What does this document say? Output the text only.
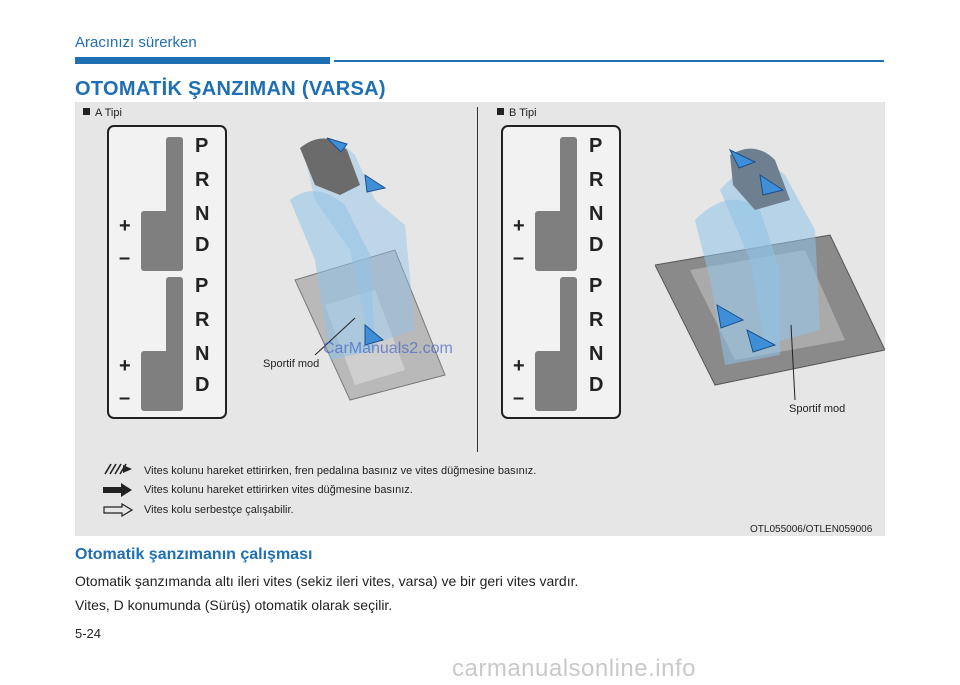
Aracınızı sürerken
OTOMATİK ŞANZIMAN (VARSA)
A Tipi	B Tipi
P
R
N
D
+
–
P
R
N
D
+
–
P
R
N
D
+
–
P
R
N
D
+
–
Sportif mod
Sportif mod
CarManuals2.com
Vites kolunu hareket ettirirken, fren pedalına basınız ve vites düğmesine basınız.
Vites kolunu hareket ettirirken vites düğmesine basınız.
Vites kolu serbestçe çalışabilir.
OTL055006/OTLEN059006
Otomatik şanzımanın çalışması
Otomatik şanzımanda altı ileri vites (sekiz ileri vites, varsa) ve bir geri vites vardır.
Vites, D konumunda (Sürüş) otomatik olarak seçilir.
5-24
carmanualsonline.info
